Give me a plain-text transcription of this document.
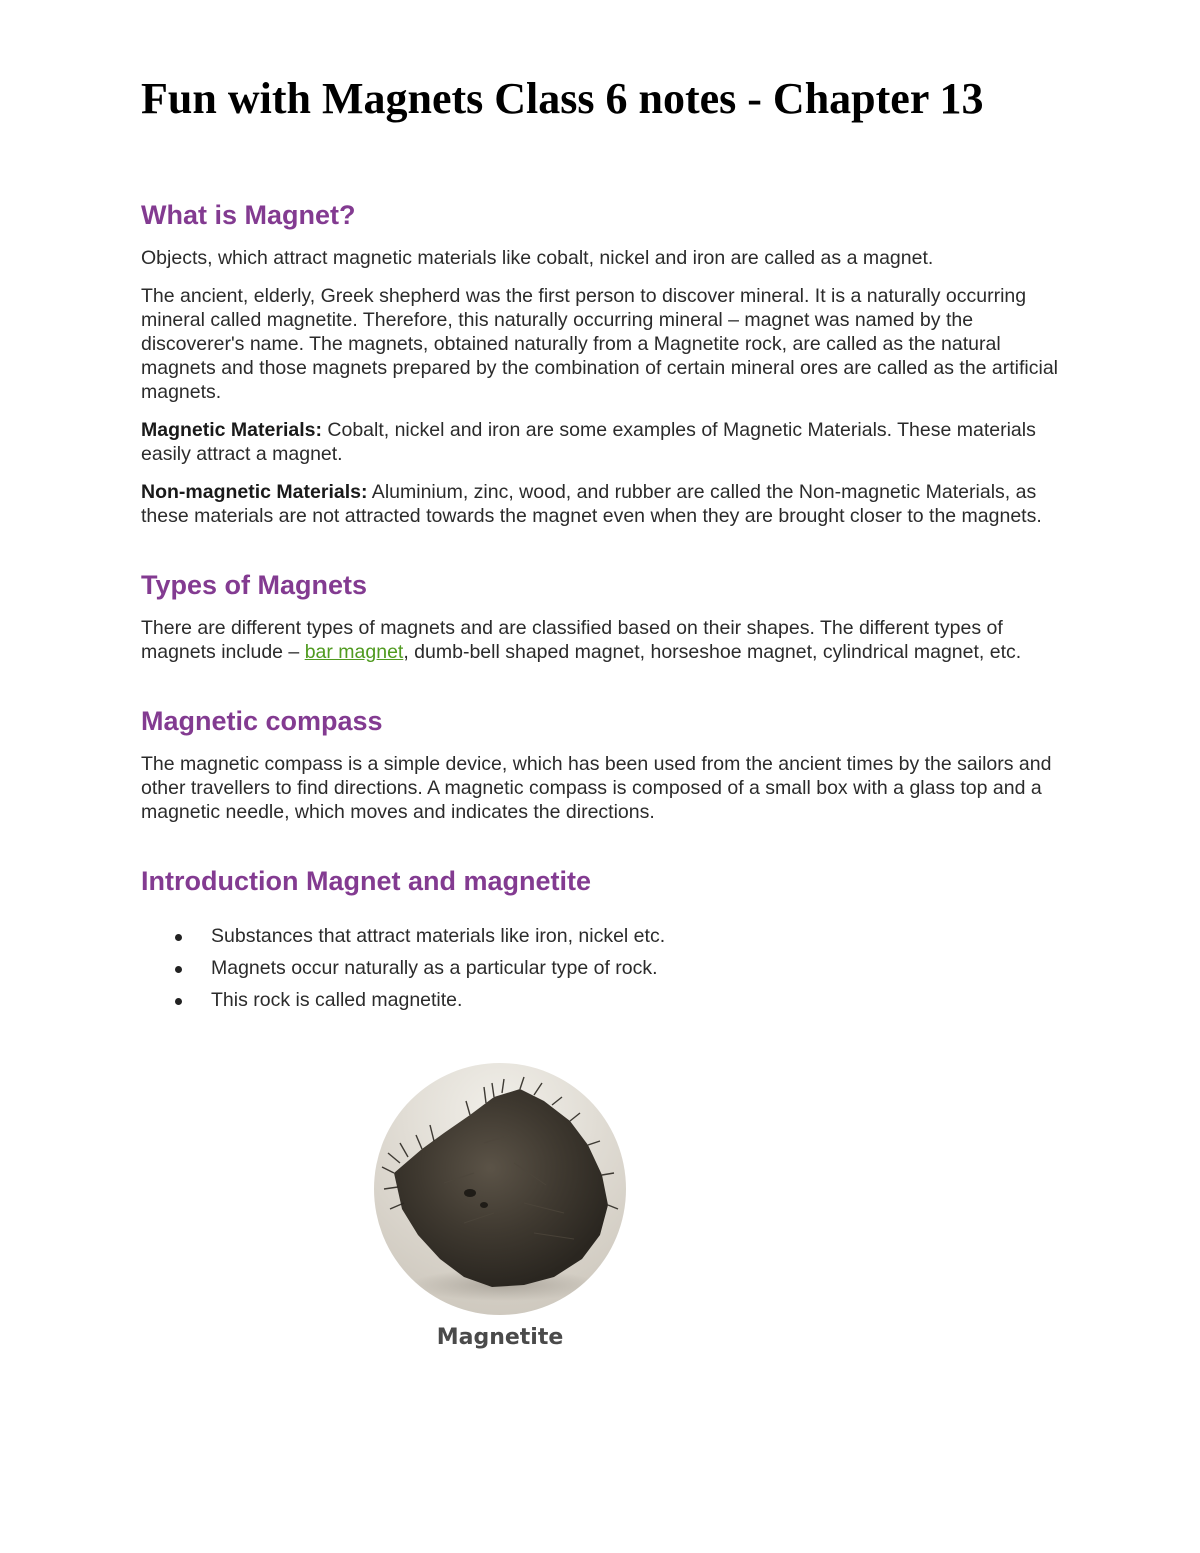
Fun with Magnets Class 6 notes - Chapter 13
What is Magnet?

Objects, which attract magnetic materials like cobalt, nickel and iron are called as a magnet.

The ancient, elderly, Greek shepherd was the first person to discover mineral. It is a naturally occurring mineral called magnetite. Therefore, this naturally occurring mineral – magnet was named by the discoverer's name. The magnets, obtained naturally from a Magnetite rock, are called as the natural magnets and those magnets prepared by the combination of certain mineral ores are called as the artificial magnets.

Magnetic Materials: Cobalt, nickel and iron are some examples of Magnetic Materials. These materials easily attract a magnet.

Non-magnetic Materials: Aluminium, zinc, wood, and rubber are called the Non-magnetic Materials, as these materials are not attracted towards the magnet even when they are brought closer to the magnets.

Types of Magnets

There are different types of magnets and are classified based on their shapes. The different types of magnets include – bar magnet, dumb-bell shaped magnet, horseshoe magnet, cylindrical magnet, etc.

Magnetic compass

The magnetic compass is a simple device, which has been used from the ancient times by the sailors and other travellers to find directions. A magnetic compass is composed of a small box with a glass top and a magnetic needle, which moves and indicates the directions.

Introduction Magnet and magnetite
Substances that attract materials like iron, nickel etc.
Magnets occur naturally as a particular type of rock.
This rock is called magnetite.
Magnetite
